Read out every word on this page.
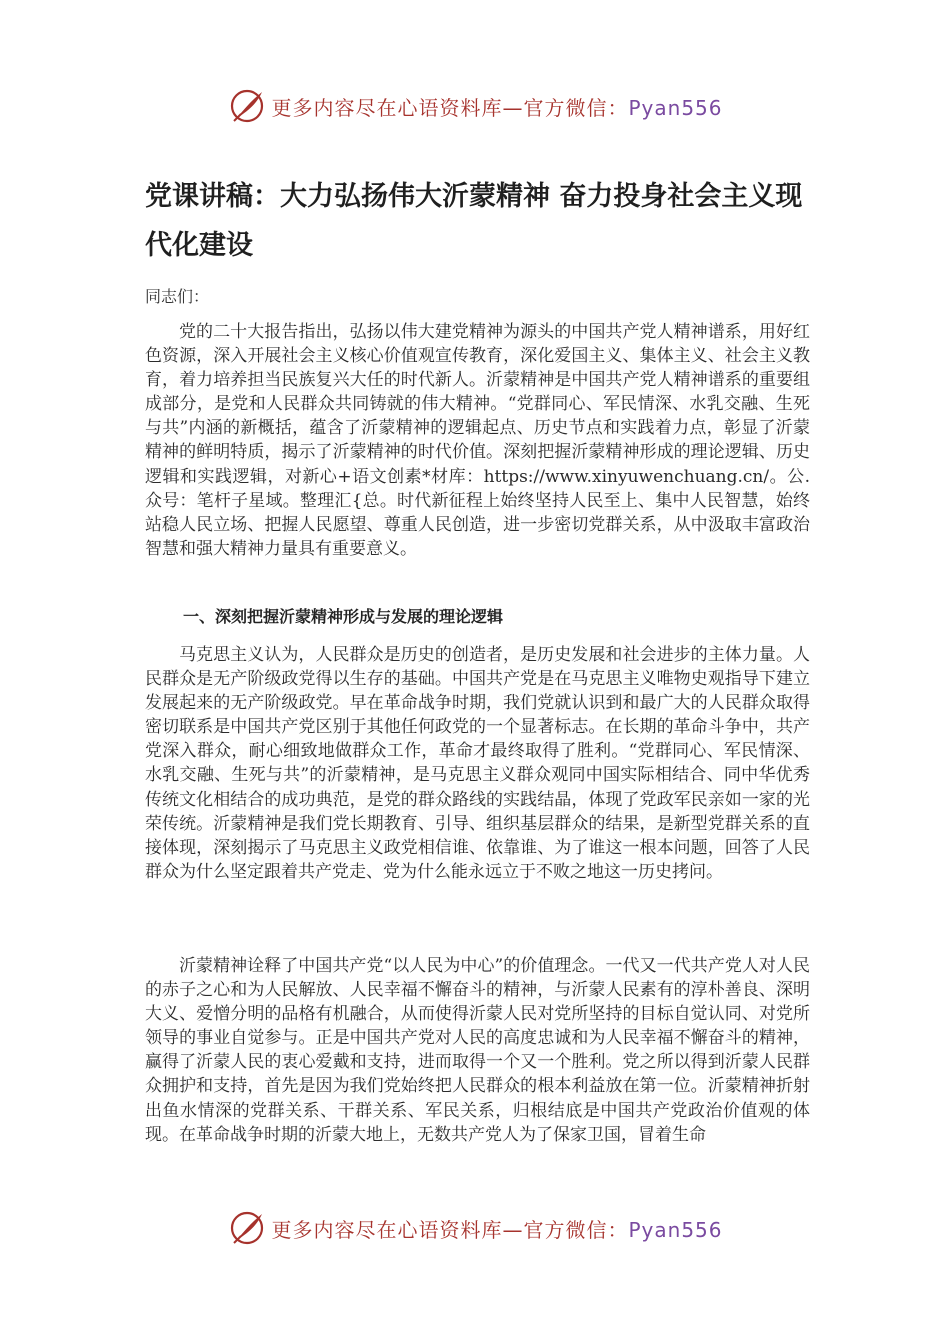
更多内容尽在心语资料库—官方微信：Pyan556
党课讲稿：大力弘扬伟大沂蒙精神 奋力投身社会主义现代化建设
同志们：
党的二十大报告指出，弘扬以伟大建党精神为源头的中国共产党人精神谱系，用好红色资源，深入开展社会主义核心价值观宣传教育，深化爱国主义、集体主义、社会主义教育，着力培养担当民族复兴大任的时代新人。沂蒙精神是中国共产党人精神谱系的重要组成部分，是党和人民群众共同铸就的伟大精神。“党群同心、军民情深、水乳交融、生死与共”内涵的新概括，蕴含了沂蒙精神的逻辑起点、历史节点和实践着力点，彰显了沂蒙精神的鲜明特质，揭示了沂蒙精神的时代价值。深刻把握沂蒙精神形成的理论逻辑、历史逻辑和实践逻辑，对新心+语文创素*材库：https://www.xinyuwenchuang.cn/。公.众号：笔杆子星域。整理汇{总。时代新征程上始终坚持人民至上、集中人民智慧，始终站稳人民立场、把握人民愿望、尊重人民创造，进一步密切党群关系，从中汲取丰富政治智慧和强大精神力量具有重要意义。
一、深刻把握沂蒙精神形成与发展的理论逻辑
马克思主义认为，人民群众是历史的创造者，是历史发展和社会进步的主体力量。人民群众是无产阶级政党得以生存的基础。中国共产党是在马克思主义唯物史观指导下建立发展起来的无产阶级政党。早在革命战争时期，我们党就认识到和最广大的人民群众取得密切联系是中国共产党区别于其他任何政党的一个显著标志。在长期的革命斗争中，共产党深入群众，耐心细致地做群众工作，革命才最终取得了胜利。“党群同心、军民情深、水乳交融、生死与共”的沂蒙精神，是马克思主义群众观同中国实际相结合、同中华优秀传统文化相结合的成功典范，是党的群众路线的实践结晶，体现了党政军民亲如一家的光荣传统。沂蒙精神是我们党长期教育、引导、组织基层群众的结果，是新型党群关系的直接体现，深刻揭示了马克思主义政党相信谁、依靠谁、为了谁这一根本问题，回答了人民群众为什么坚定跟着共产党走、党为什么能永远立于不败之地这一历史拷问。
沂蒙精神诠释了中国共产党“以人民为中心”的价值理念。一代又一代共产党人对人民的赤子之心和为人民解放、人民幸福不懈奋斗的精神，与沂蒙人民素有的淳朴善良、深明大义、爱憎分明的品格有机融合，从而使得沂蒙人民对党所坚持的目标自觉认同、对党所领导的事业自觉参与。正是中国共产党对人民的高度忠诚和为人民幸福不懈奋斗的精神，赢得了沂蒙人民的衷心爱戴和支持，进而取得一个又一个胜利。党之所以得到沂蒙人民群众拥护和支持，首先是因为我们党始终把人民群众的根本利益放在第一位。沂蒙精神折射出鱼水情深的党群关系、干群关系、军民关系，归根结底是中国共产党政治价值观的体现。在革命战争时期的沂蒙大地上，无数共产党人为了保家卫国，冒着生命
更多内容尽在心语资料库—官方微信：Pyan556
